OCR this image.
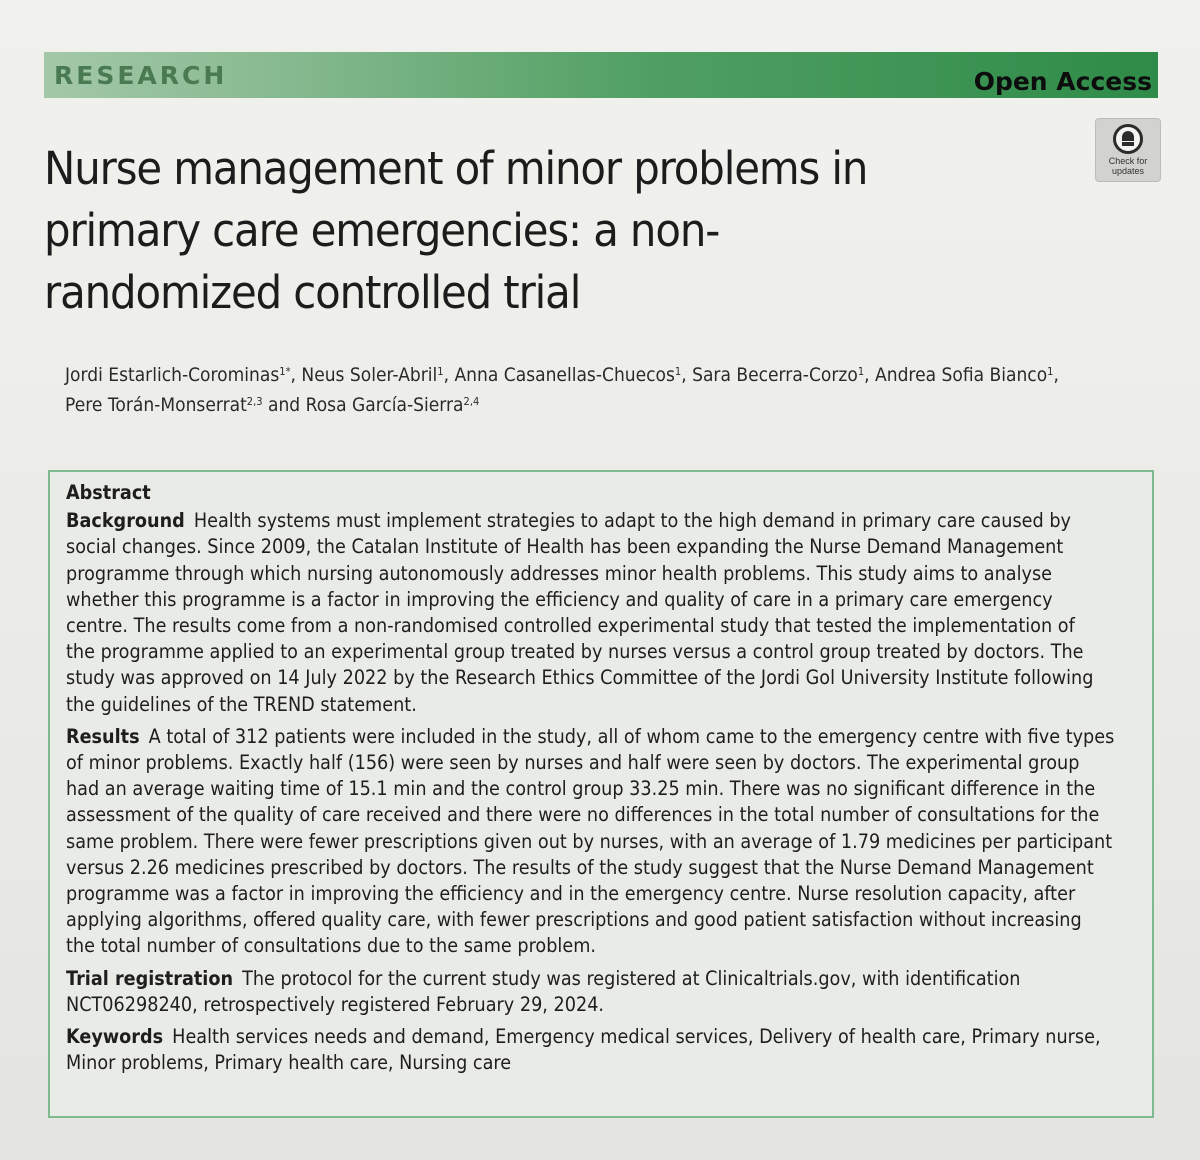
RESEARCH	Open Access
Nurse management of minor problems in primary care emergencies: a non-randomized controlled trial
Check for updates
Jordi Estarlich-Corominas$^{1*}$, Neus Soler-Abril$^1$, Anna Casanellas-Chuecos$^1$, Sara Becerra-Corzo$^1$, Andrea Sofia Bianco$^1$,
Pere Torán-Monserrat$^{2,3}$ and Rosa García-Sierra$^{2,4}$
Abstract
Background Health systems must implement strategies to adapt to the high demand in primary care caused by
social changes. Since 2009, the Catalan Institute of Health has been expanding the Nurse Demand Management
programme through which nursing autonomously addresses minor health problems. This study aims to analyse
whether this programme is a factor in improving the efficiency and quality of care in a primary care emergency
centre. The results come from a non-randomised controlled experimental study that tested the implementation of
the programme applied to an experimental group treated by nurses versus a control group treated by doctors. The
study was approved on 14 July 2022 by the Research Ethics Committee of the Jordi Gol University Institute following
the guidelines of the TREND statement.
Results A total of 312 patients were included in the study, all of whom came to the emergency centre with five types
of minor problems. Exactly half (156) were seen by nurses and half were seen by doctors. The experimental group
had an average waiting time of 15.1 min and the control group 33.25 min. There was no significant difference in the
assessment of the quality of care received and there were no differences in the total number of consultations for the
same problem. There were fewer prescriptions given out by nurses, with an average of 1.79 medicines per participant
versus 2.26 medicines prescribed by doctors. The results of the study suggest that the Nurse Demand Management
programme was a factor in improving the efficiency and in the emergency centre. Nurse resolution capacity, after
applying algorithms, offered quality care, with fewer prescriptions and good patient satisfaction without increasing
the total number of consultations due to the same problem.
Trial registration The protocol for the current study was registered at Clinicaltrials.gov, with identification
NCT06298240, retrospectively registered February 29, 2024.
Keywords Health services needs and demand, Emergency medical services, Delivery of health care, Primary nurse,
Minor problems, Primary health care, Nursing care
